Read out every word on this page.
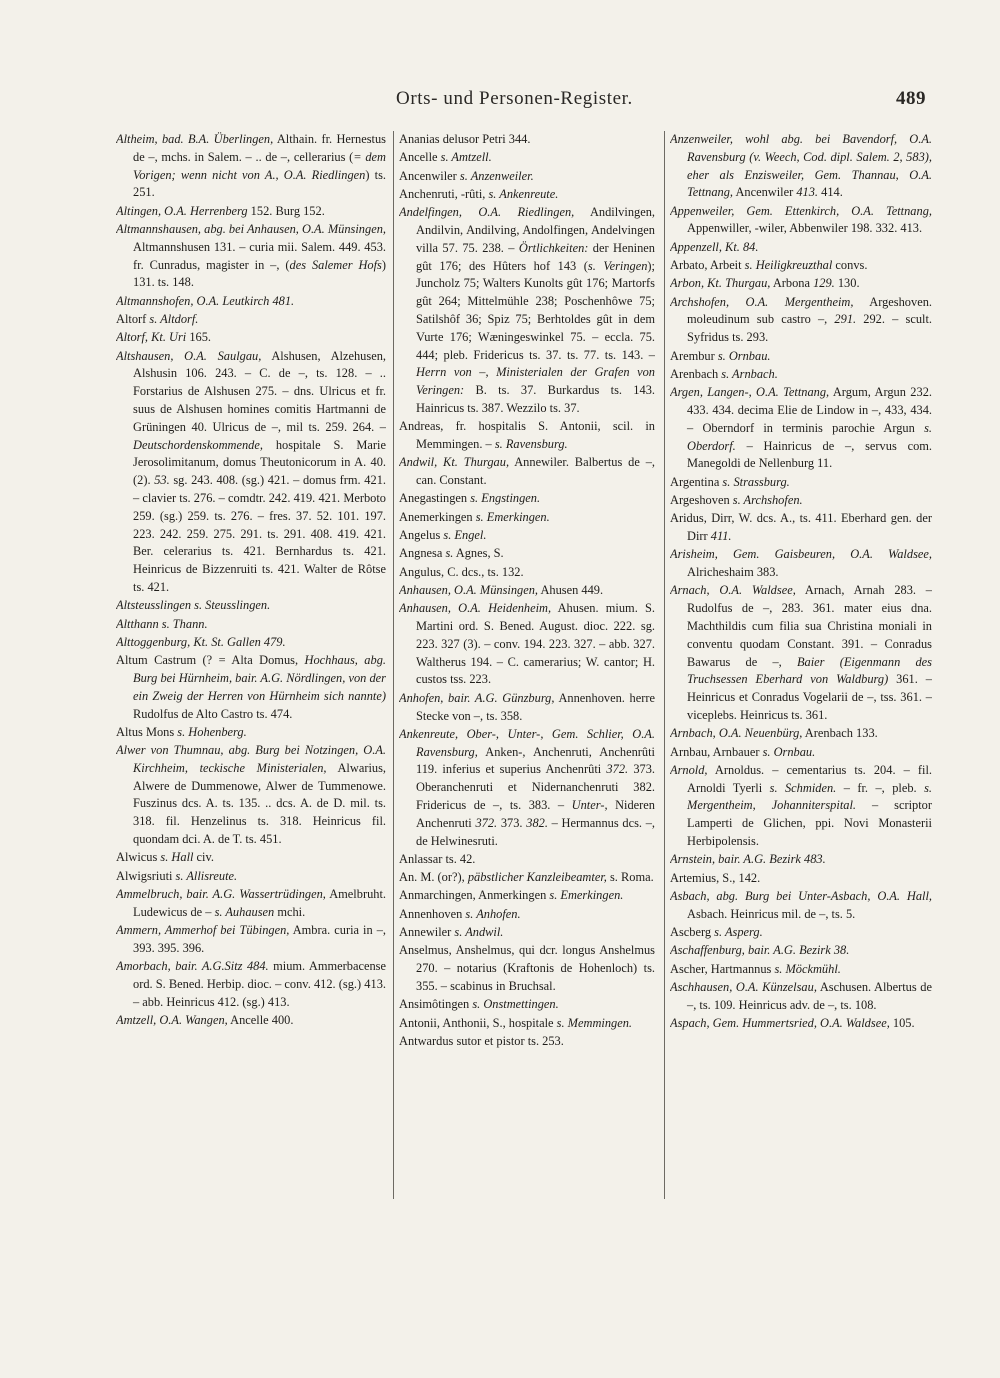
Orts- und Personen-Register.	489

Altheim, bad. B.A. Überlingen, Althain. fr. Hernestus de –, mchs. in Salem. – .. de –, cellerarius (= dem Vorigen; wenn nicht von A., O.A. Riedlingen) ts. 251.

Altingen, O.A. Herrenberg 152. Burg 152.

Altmannshausen, abg. bei Anhausen, O.A. Münsingen, Altmannshusen 131. – curia mii. Salem. 449. 453. fr. Cunradus, magister in –, (des Salemer Hofs) 131. ts. 148.

Altmannshofen, O.A. Leutkirch 481.

Altorf s. Altdorf.

Altorf, Kt. Uri 165.

Altshausen, O.A. Saulgau, Alshusen, Alzehusen, Alshusin 106. 243. – C. de –, ts. 128. – .. Forstarius de Alshusen 275. – dns. Ulricus et fr. suus de Alshusen homines comitis Hartmanni de Grüningen 40. Ulricus de –, mil ts. 259. 264. – Deutschordenskommende, hospitale S. Marie Jerosolimitanum, domus Theutonicorum in A. 40. (2). 53. sg. 243. 408. (sg.) 421. – domus frm. 421. – clavier ts. 276. – comdtr. 242. 419. 421. Merboto 259. (sg.) 259. ts. 276. – fres. 37. 52. 101. 197. 223. 242. 259. 275. 291. ts. 291. 408. 419. 421. Ber. celerarius ts. 421. Bernhardus ts. 421. Heinricus de Bizzenruiti ts. 421. Walter de Rôtse ts. 421.

Altsteusslingen s. Steusslingen.

Altthann s. Thann.

Alttoggenburg, Kt. St. Gallen 479.

Altum Castrum (? = Alta Domus, Hochhaus, abg. Burg bei Hürnheim, bair. A.G. Nördlingen, von der ein Zweig der Herren von Hürnheim sich nannte) Rudolfus de Alto Castro ts. 474.

Altus Mons s. Hohenberg.

Alwer von Thumnau, abg. Burg bei Notzingen, O.A. Kirchheim, teckische Ministerialen, Alwarius, Alwere de Dummenowe, Alwer de Tummenowe. Fuszinus dcs. A. ts. 135. .. dcs. A. de D. mil. ts. 318. fil. Henzelinus ts. 318. Heinricus fil. quondam dci. A. de T. ts. 451.

Alwicus s. Hall civ.

Alwigsriuti s. Allisreute.

Ammelbruch, bair. A.G. Wassertrüdingen, Amelbruht. Ludewicus de – s. Auhausen mchi.

Ammern, Ammerhof bei Tübingen, Ambra. curia in –, 393. 395. 396.

Amorbach, bair. A.G.Sitz 484. mium. Ammerbacense ord. S. Bened. Herbip. dioc. – conv. 412. (sg.) 413. – abb. Heinricus 412. (sg.) 413.

Amtzell, O.A. Wangen, Ancelle 400.

Ananias delusor Petri 344.

Ancelle s. Amtzell.

Ancenwiler s. Anzenweiler.

Anchenruti, -rûti, s. Ankenreute.

Andelfingen, O.A. Riedlingen, Andilvingen, Andilvin, Andilving, Andolfingen, Andelvingen villa 57. 75. 238. – Örtlichkeiten: der Heninen gût 176; des Hûters hof 143 (s. Veringen); Juncholz 75; Walters Kunolts gût 176; Martorfs gût 264; Mittelmühle 238; Poschenhôwe 75; Satilshôf 36; Spiz 75; Berhtoldes gût in dem Vurte 176; Wæningeswinkel 75. – eccla. 75. 444; pleb. Fridericus ts. 37. ts. 77. ts. 143. – Herrn von –, Ministerialen der Grafen von Veringen: B. ts. 37. Burkardus ts. 143. Hainricus ts. 387. Wezzilo ts. 37.

Andreas, fr. hospitalis S. Antonii, scil. in Memmingen. – s. Ravensburg.

Andwil, Kt. Thurgau, Annewiler. Balbertus de –, can. Constant.

Anegastingen s. Engstingen.

Anemerkingen s. Emerkingen.

Angelus s. Engel.

Angnesa s. Agnes, S.

Angulus, C. dcs., ts. 132.

Anhausen, O.A. Münsingen, Ahusen 449.

Anhausen, O.A. Heidenheim, Ahusen. mium. S. Martini ord. S. Bened. August. dioc. 222. sg. 223. 327 (3). – conv. 194. 223. 327. – abb. 327. Waltherus 194. – C. camerarius; W. cantor; H. custos tss. 223.

Anhofen, bair. A.G. Günzburg, Annenhoven. herre Stecke von –, ts. 358.

Ankenreute, Ober-, Unter-, Gem. Schlier, O.A. Ravensburg, Anken-, Anchenruti, Anchenrûti 119. inferius et superius Anchenrûti 372. 373. Oberanchenruti et Nidernanchenruti 382. Fridericus de –, ts. 383. – Unter-, Nideren Anchenruti 372. 373. 382. – Hermannus dcs. –, de Helwinesruti.

Anlassar ts. 42.

An. M. (or?), päbstlicher Kanzleibeamter, s. Roma.

Anmarchingen, Anmerkingen s. Emerkingen.

Annenhoven s. Anhofen.

Annewiler s. Andwil.

Anselmus, Anshelmus, qui dcr. longus Anshelmus 270. – notarius (Kraftonis de Hohenloch) ts. 355. – scabinus in Bruchsal.

Ansimôtingen s. Onstmettingen.

Antonii, Anthonii, S., hospitale s. Memmingen.

Antwardus sutor et pistor ts. 253.

Anzenweiler, wohl abg. bei Bavendorf, O.A. Ravensburg (v. Weech, Cod. dipl. Salem. 2, 583), eher als Enzisweiler, Gem. Thannau, O.A. Tettnang, Ancenwiler 413. 414.

Appenweiler, Gem. Ettenkirch, O.A. Tettnang, Appenwiller, -wiler, Abbenwiler 198. 332. 413.

Appenzell, Kt. 84.

Arbato, Arbeit s. Heiligkreuzthal convs.

Arbon, Kt. Thurgau, Arbona 129. 130.

Archshofen, O.A. Mergentheim, Argeshoven. moleudinum sub castro –, 291. 292. – scult. Syfridus ts. 293.

Arembur s. Ornbau.

Arenbach s. Arnbach.

Argen, Langen-, O.A. Tettnang, Argum, Argun 232. 433. 434. decima Elie de Lindow in –, 433, 434. – Oberndorf in terminis parochie Argun s. Oberdorf. – Hainricus de –, servus com. Manegoldi de Nellenburg 11.

Argentina s. Strassburg.

Argeshoven s. Archshofen.

Aridus, Dirr, W. dcs. A., ts. 411. Eberhard gen. der Dirr 411.

Arisheim, Gem. Gaisbeuren, O.A. Waldsee, Alricheshaim 383.

Arnach, O.A. Waldsee, Arnach, Arnah 283. – Rudolfus de –, 283. 361. mater eius dna. Machthildis cum filia sua Christina moniali in conventu quodam Constant. 391. – Conradus Bawarus de –, Baier (Eigenmann des Truchsessen Eberhard von Waldburg) 361. – Heinricus et Conradus Vogelarii de –, tss. 361. – viceplebs. Heinricus ts. 361.

Arnbach, O.A. Neuenbürg, Arenbach 133.

Arnbau, Arnbauer s. Ornbau.

Arnold, Arnoldus. – cementarius ts. 204. – fil. Arnoldi Tyerli s. Schmiden. – fr. –, pleb. s. Mergentheim, Johanniterspital. – scriptor Lamperti de Glichen, ppi. Novi Monasterii Herbipolensis.

Arnstein, bair. A.G. Bezirk 483.

Artemius, S., 142.

Asbach, abg. Burg bei Unter-Asbach, O.A. Hall, Asbach. Heinricus mil. de –, ts. 5.

Ascberg s. Asperg.

Aschaffenburg, bair. A.G. Bezirk 38.

Ascher, Hartmannus s. Möckmühl.

Aschhausen, O.A. Künzelsau, Aschusen. Albertus de –, ts. 109. Heinricus adv. de –, ts. 108.

Aspach, Gem. Hummertsried, O.A. Waldsee, 105.
